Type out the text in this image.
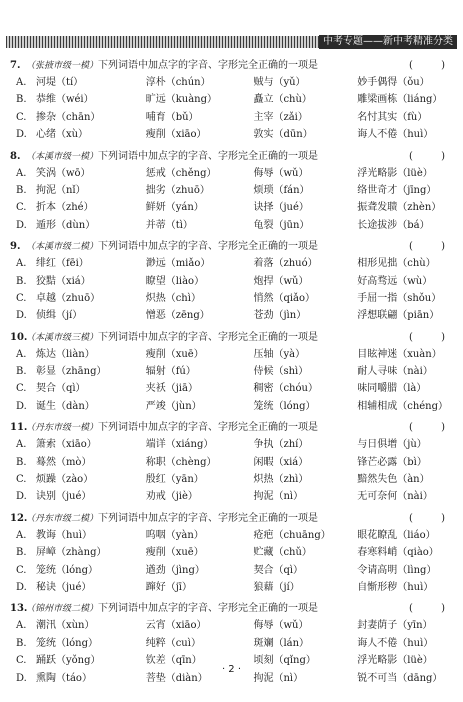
中考专题——新中考精准分类
7. （张掖市级一模）下列词语中加点字的字音、字形完全正确的一项是	(	)
A. 河堤（tí）	淳朴（chún）	贼与（yǔ）	妙手偶得（ǒu）
B. 恭维（wéi）	旷远（kuàng）	矗立（chù）	雕梁画栋（liáng）
C. 掺杂（chān）	哺育（bǔ）	主宰（zǎi）	名忖其实（fù）
D. 心绪（xù）	瘦削（xiāo）	敦实（dūn）	诲人不倦（huì）
8. （本溪市级一模）下列词语中加点字的字音、字形完全正确的一项是	(	)
A. 笑涡（wō）	惩戒（chěng）	侮辱（wǔ）	浮光略影（lüè）
B. 拘泥（nǐ）	拙劣（zhuō）	烦琐（fán）	络世奇才（jīng）
C. 折本（zhé）	鲜妍（yán）	诀择（jué）	振聋发聩（zhèn）
D. 遁形（dùn）	并蒂（tì）	龟裂（jūn）	长途拔涉（bá）
9. （本溪市级二模）下列词语中加点字的字音、字形完全正确的一项是	(	)
A. 绯红（fēi）	渺远（miǎo）	着落（zhuó）	相形见拙（chù）
B. 狡黠（xiá）	瞭望（liào）	炮捍（wǔ）	好高骛远（wù）
C. 卓越（zhuō）	炽热（chì）	悄然（qiǎo）	手屈一指（shǒu）
D. 侦缉（jí）	憎恶（zēng）	苍劲（jìn）	浮想联翩（piān）
10.（本溪市级三模）下列词语中加点字的字音、字形完全正确的一项是	(	)
A. 炼达（liàn）	瘦削（xuē）	压轴（yà）	目眩神迷（xuàn）
B. 彰显（zhāng）	辐射（fú）	侍候（shì）	耐人寻味（nài）
C. 契合（qì）	夹袄（jiā）	稠密（chóu）	味同嚼腊（là）
D. 诞生（dàn）	严竣（jùn）	笼统（lóng）	相辅相成（chéng）
11.（丹东市级一模）下列词语中加点字的字音、字形完全正确的一项是	(	)
A. 箫索（xiāo）	端详（xiáng）	争执（zhí）	与日俱增（jù）
B. 蓦然（mò）	称职（chèng）	闲暇（xiá）	锋芒必露（bì）
C. 烦躁（zào）	殷红（yān）	炽热（zhì）	黯然失色（àn）
D. 诀别（jué）	劝戒（jiè）	拘泥（nì）	无可奈何（nài）
12.（丹东市级二模）下列词语中加点字的字音、字形完全正确的一项是	(	)
A. 教诲（huì）	呜咽（yàn）	疮疤（chuāng）	眼花瞭乱（liáo）
B. 屏嶂（zhàng）	瘦削（xuē）	贮藏（chǔ）	春寒料峭（qiào）
C. 笼统（lóng）	遒劲（jìng）	契合（qì）	令请高明（lìng）
D. 秘诀（jué）	蹿好（jī）	狼藉（jí）	自惭形秽（huì）
13.（锦州市级二模）下列词语中加点字的字音、字形完全正确的一项是	(	)
A. 潮汛（xùn）	云宵（xiāo）	侮辱（wǔ）	封妻荫子（yīn）
B. 笼统（lóng）	纯粹（cuì）	斑斓（lán）	诲人不倦（huì）
C. 踊跃（yǒng）	钦差（qīn）	顷刻（qǐng）	浮光略影（lüè）
D. 熏陶（táo）	菩垫（diàn）	拘泥（nì）	锐不可当（dāng）
· 2 ·
